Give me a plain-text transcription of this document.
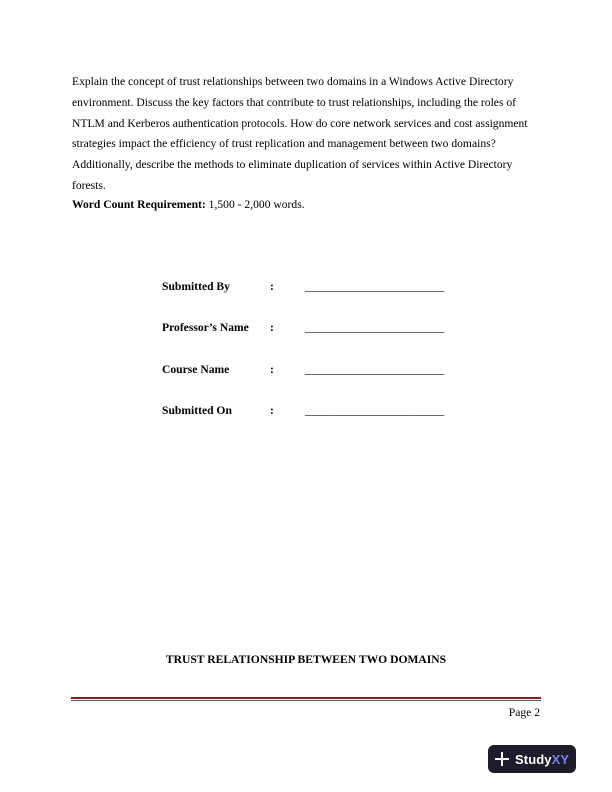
Explain the concept of trust relationships between two domains in a Windows Active Directory environment. Discuss the key factors that contribute to trust relationships, including the roles of NTLM and Kerberos authentication protocols. How do core network services and cost assignment strategies impact the efficiency of trust replication and management between two domains? Additionally, describe the methods to eliminate duplication of services within Active Directory forests.

Word Count Requirement: 1,500 - 2,000 words.
Submitted By	:	________________________
Professor’s Name :	________________________
Course Name	:	________________________
Submitted On	:	________________________
TRUST RELATIONSHIP BETWEEN TWO DOMAINS
Page 2
StudyXY
